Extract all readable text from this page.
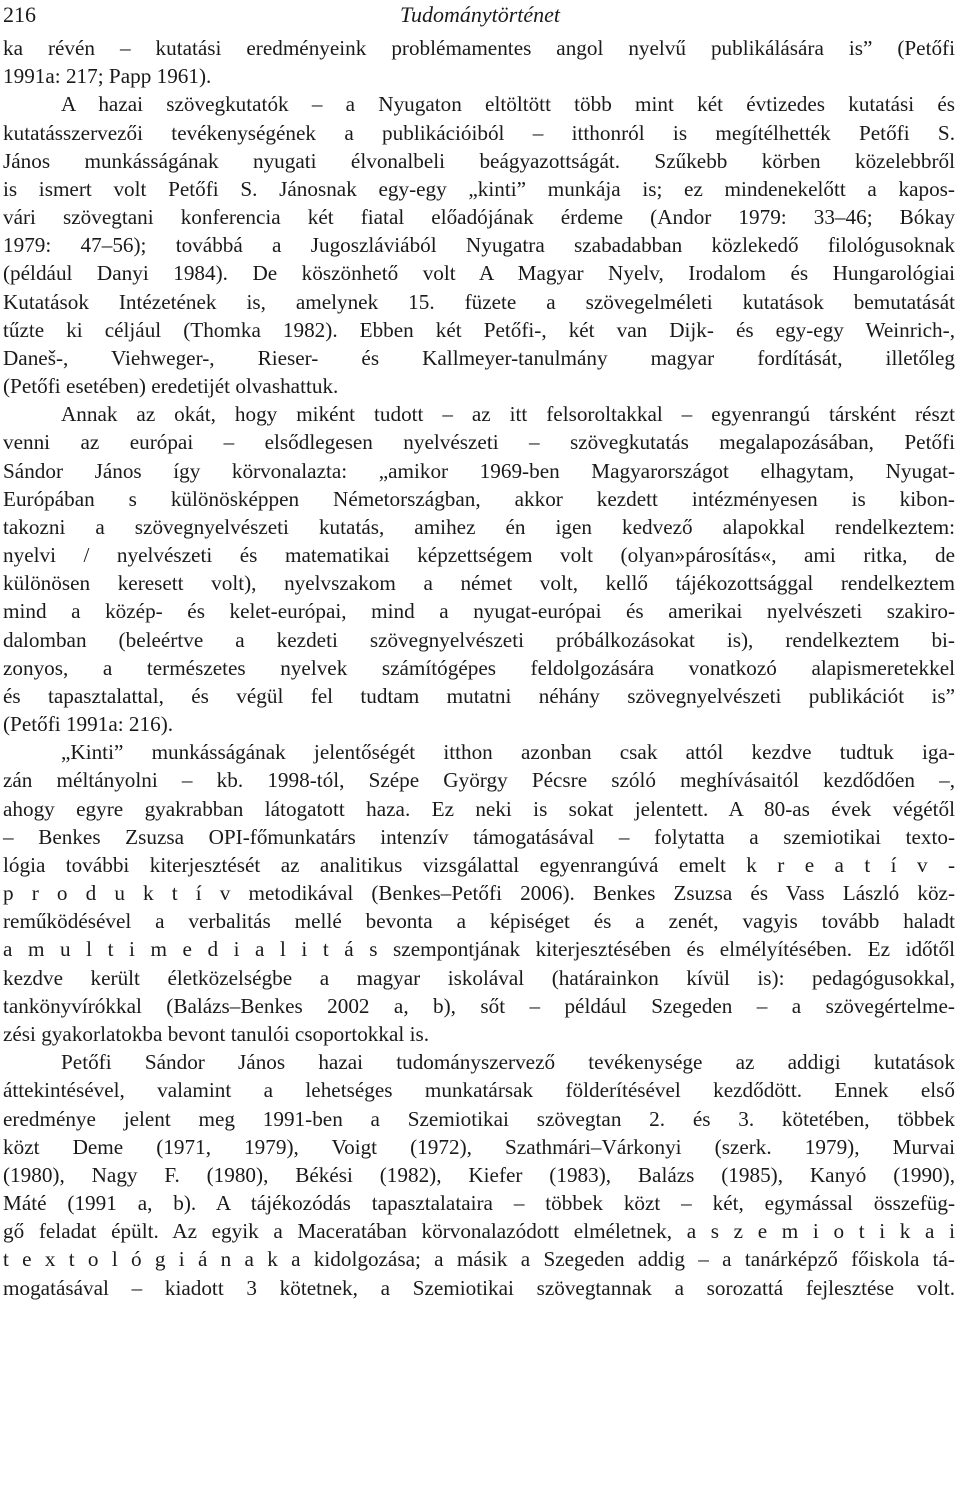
216	Tudománytörténet
ka révén – kutatási eredményeink problémamentes angol nyelvű publikálására is” (Petőfi
1991a: 217; Papp 1961).
A hazai szövegkutatók – a Nyugaton eltöltött több mint két évtizedes kutatási és
kutatásszervezői tevékenységének a publikációiból – itthonról is megítélhették Petőfi S.
János munkásságának nyugati élvonalbeli beágyazottságát. Szűkebb körben közelebbről
is ismert volt Petőfi S. Jánosnak egy-egy „kinti” munkája is; ez mindenekelőtt a kapos-
vári szövegtani konferencia két fiatal előadójának érdeme (Andor 1979: 33–46; Bókay
1979: 47–56); továbbá a Jugoszláviából Nyugatra szabadabban közlekedő filológusoknak
(például Danyi 1984). De köszönhető volt A Magyar Nyelv, Irodalom és Hungarológiai
Kutatások Intézetének is, amelynek 15. füzete a szövegelméleti kutatások bemutatását
tűzte ki céljául (Thomka 1982). Ebben két Petőfi-, két van Dijk- és egy-egy Weinrich-,
Daneš-, Viehweger-, Rieser- és Kallmeyer-tanulmány magyar fordítását, illetőleg
(Petőfi esetében) eredetijét olvashattuk.
Annak az okát, hogy miként tudott – az itt felsoroltakkal – egyenrangú társként részt
venni az európai – elsődlegesen nyelvészeti – szövegkutatás megalapozásában, Petőfi
Sándor János így körvonalazta: „amikor 1969-ben Magyarországot elhagytam, Nyugat-
Európában s különösképpen Németországban, akkor kezdett intézményesen is kibon-
takozni a szövegnyelvészeti kutatás, amihez én igen kedvező alapokkal rendelkeztem:
nyelvi / nyelvészeti és matematikai képzettségem volt (olyan»párosítás«, ami ritka, de
különösen keresett volt), nyelvszakom a német volt, kellő tájékozottsággal rendelkeztem
mind a közép- és kelet-európai, mind a nyugat-európai és amerikai nyelvészeti szakiro-
dalomban (beleértve a kezdeti szövegnyelvészeti próbálkozásokat is), rendelkeztem bi-
zonyos, a természetes nyelvek számítógépes feldolgozására vonatkozó alapismeretekkel
és tapasztalattal, és végül fel tudtam mutatni néhány szövegnyelvészeti publikációt is”
(Petőfi 1991a: 216).
„Kinti” munkásságának jelentőségét itthon azonban csak attól kezdve tudtuk iga-
zán méltányolni – kb. 1998-tól, Szépe György Pécsre szóló meghívásaitól kezdődően –,
ahogy egyre gyakrabban látogatott haza. Ez neki is sokat jelentett. A 80-as évek végétől
– Benkes Zsuzsa OPI-főmunkatárs intenzív támogatásával – folytatta a szemiotikai texto-
lógia további kiterjesztését az analitikus vizsgálattal egyenrangúvá emelt k r e a t í v -
p r o d u k t í v metodikával (Benkes–Petőfi 2006). Benkes Zsuzsa és Vass László köz-
reműködésével a verbalitás mellé bevonta a képiséget és a zenét, vagyis tovább haladt
a m u l t i m e d i a l i t á s szempontjának kiterjesztésében és elmélyítésében. Ez időtől
kezdve került életközelségbe a magyar iskolával (határainkon kívül is): pedagógusokkal,
tankönyvírókkal (Balázs–Benkes 2002 a, b), sőt – például Szegeden – a szövegértelme-
zési gyakorlatokba bevont tanulói csoportokkal is.
Petőfi Sándor János hazai tudományszervező tevékenysége az addigi kutatások
áttekintésével, valamint a lehetséges munkatársak földerítésével kezdődött. Ennek első
eredménye jelent meg 1991-ben a Szemiotikai szövegtan 2. és 3. kötetében, többek
közt Deme (1971, 1979), Voigt (1972), Szathmári–Várkonyi (szerk. 1979), Murvai
(1980), Nagy F. (1980), Békési (1982), Kiefer (1983), Balázs (1985), Kanyó (1990),
Máté (1991 a, b). A tájékozódás tapasztalataira – többek közt – két, egymással összefüg-
gő feladat épült. Az egyik a Maceratában körvonalazódott elméletnek, a s z e m i o t i k a i
t e x t o l ó g i á n a k a kidolgozása; a másik a Szegeden addig – a tanárképző főiskola tá-
mogatásával – kiadott 3 kötetnek, a Szemiotikai szövegtannak a sorozattá fejlesztése volt.
